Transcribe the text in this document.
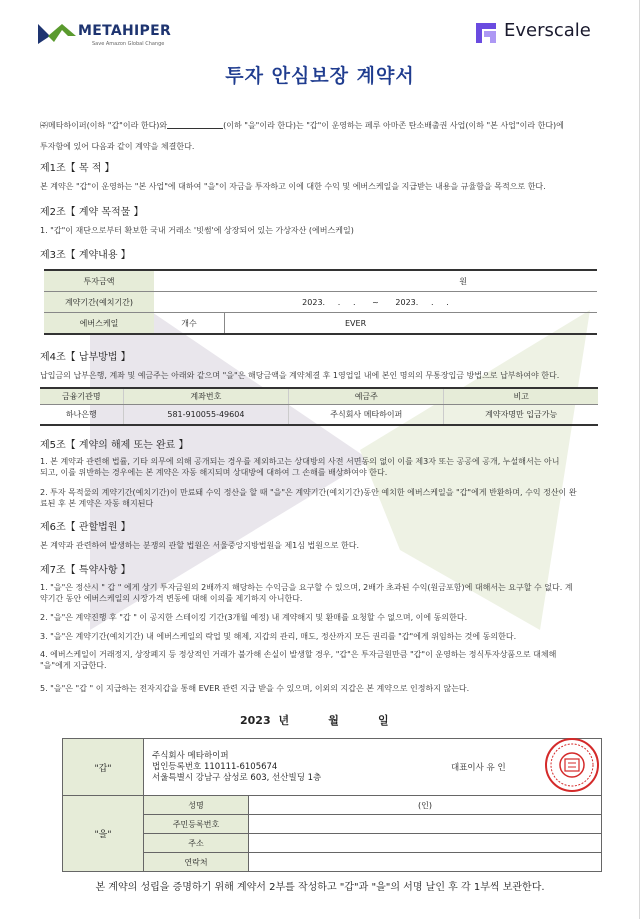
METAHIPER
Save Amazon Global Change
Everscale
투자 안심보장 계약서
㈜메타하이퍼(이하 "갑"이라 한다)와	(이하 "을"이라 한다)는 "갑"이 운영하는 페루 아마존 탄소배출권 사업(이하 "본 사업"이라 한다)에
투자함에 있어 다음과 같이 계약을 체결한다.
제1조【 목 적 】
본 계약은 "갑"이 운영하는 "본 사업"에 대하여 "을"이 자금을 투자하고 이에 대한 수익 및 에버스케일을 지급받는 내용을 규율함을 목적으로 한다.
제2조【 계약 목적물 】
1. "갑"이 재단으로부터 확보한 국내 거래소 '빗썸'에 상장되어 있는 가상자산 (에버스케일)
제3조【 계약내용 】
투자금액	원	
계약기간(예치기간)	2023.     .     . ~ 2023.     .     .	
에버스케일	개수	EVER
제4조【 납부방법 】
납입금의 납부은행, 계좌 및 예금주는 아래와 같으며 "을"은 해당금액을 계약체결 후 1영업일 내에 본인 명의의 무통장입금 방법으로 납부하여야 한다.
금융기관명	계좌번호	예금주	비고
하나은행	581-910055-49604	주식회사 메타하이퍼	계약자명만 입금가능
제5조【 계약의 해제 또는 완료 】
1. 본 계약과 관련해 법률, 기타 의무에 의해 공개되는 경우를 제외하고는 상대방의 사전 서면동의 없이 이를 제3자 또는 공공에 공개, 누설해서는 아니
되고, 이를 위반하는 경우에는 본 계약은 자동 해지되며 상대방에 대하여 그 손해를 배상하여야 한다.
2. 투자 목적물의 계약기간(예치기간)이 만료돼 수익 정산을 할 때 "을"은 계약기간(예치기간)동안 예치한 에버스케일을 "갑"에게 반환하며, 수익 정산이 완
료된 후 본 계약은 자동 해지된다
제6조【 관할법원 】
본 계약과 관련하여 발생하는 분쟁의 관할 법원은 서울중앙지방법원을 제1심 법원으로 한다.
제7조【 특약사항 】
1. "을"은 정산시 " 갑 " 에게 상기 투자금원의 2배까지 해당하는 수익금을 요구할 수 있으며, 2배가 초과된 수익(원금포함)에 대해서는 요구할 수 없다. 계
약기간 동안 에버스케일의 시장가격 변동에 대해 이의를 제기하지 아니한다.
2. "을"은 계약진행 후 "갑 " 이 공지한 스테이킹 기간(3개월 예정) 내 계약해지 및 환매를 요청할 수 없으며, 이에 동의한다.
3. "을"은 계약기간(예치기간) 내 에버스케일의 락업 및 해제, 지갑의 관리, 매도, 정산까지 모든 권리를 "갑"에게 위임하는 것에 동의한다.
4. 에버스케일이 거래정지, 상장폐지 등 정상적인 거래가 불가해 손실이 발생할 경우, "갑"은 투자금원만큼 "갑"이 운영하는 정식투자상품으로 대체해
"을"에게 지급한다.
5. "을"은 "갑 " 이 지급하는 전자지갑을 통해 EVER 관련 지급 받을 수 있으며, 이외의 지갑은 본 계약으로 인정하지 않는다.
2023 년     월     일
"갑"	주식회사 메타하이퍼
법인등록번호 110111-6105674
서울특별시 강남구 삼성로 603, 선산빌딩 1층		대표이사 유 인
"을"	성명	(인)	
	주민등록번호		
	주소		
	연락처		
본 계약의 성립을 증명하기 위해 계약서 2부를 작성하고 "갑"과 "을"의 서명 날인 후 각 1부씩 보관한다.
